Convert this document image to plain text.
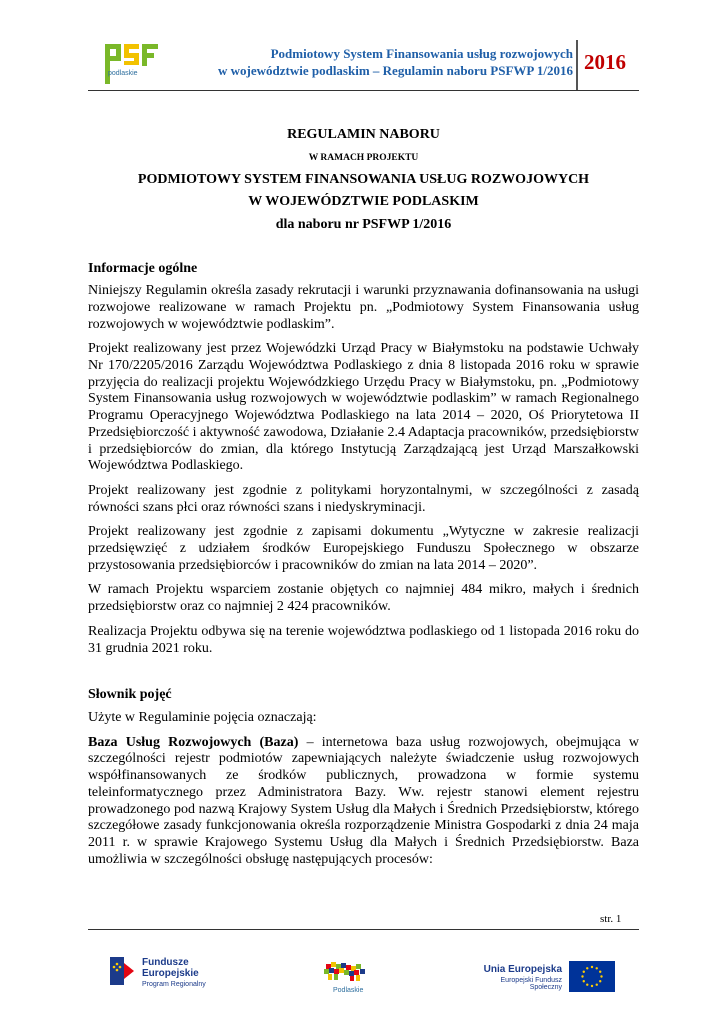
podlaskie
Podmiotowy System Finansowania usług rozwojowych
w województwie podlaskim – Regulamin naboru PSFWP 1/2016 2016
REGULAMIN NABORU
W RAMACH PROJEKTU
PODMIOTOWY SYSTEM FINANSOWANIA USŁUG ROZWOJOWYCH
W WOJEWÓDZTWIE PODLASKIM
dla naboru nr PSFWP 1/2016
Informacje ogólne

Niniejszy Regulamin określa zasady rekrutacji i warunki przyznawania dofinansowania na usługi rozwojowe realizowane w ramach Projektu pn. „Podmiotowy System Finansowania usług rozwojowych w województwie podlaskim”.

Projekt realizowany jest przez Wojewódzki Urząd Pracy w Białymstoku na podstawie Uchwały Nr 170/2205/2016 Zarządu Województwa Podlaskiego z dnia 8 listopada 2016 roku w sprawie przyjęcia do realizacji projektu Wojewódzkiego Urzędu Pracy w Białymstoku, pn. „Podmiotowy System Finansowania usług rozwojowych w województwie podlaskim” w ramach Regionalnego Programu Operacyjnego Województwa Podlaskiego na lata 2014 – 2020, Oś Priorytetowa II Przedsiębiorczość i aktywność zawodowa, Działanie 2.4 Adaptacja pracowników, przedsiębiorstw i przedsiębiorców do zmian, dla którego Instytucją Zarządzającą jest Urząd Marszałkowski Województwa Podlaskiego.

Projekt realizowany jest zgodnie z politykami horyzontalnymi, w szczególności z zasadą równości szans płci oraz równości szans i niedyskryminacji.

Projekt realizowany jest zgodnie z zapisami dokumentu „Wytyczne w zakresie realizacji przedsięwzięć z udziałem środków Europejskiego Funduszu Społecznego w obszarze przystosowania przedsiębiorców i pracowników do zmian na lata 2014 – 2020”.

W ramach Projektu wsparciem zostanie objętych co najmniej 484 mikro, małych i średnich przedsiębiorstw oraz co najmniej 2 424 pracowników.

Realizacja Projektu odbywa się na terenie województwa podlaskiego od 1 listopada 2016 roku do 31 grudnia 2021 roku.

Słownik pojęć

Użyte w Regulaminie pojęcia oznaczają:

Baza Usług Rozwojowych (Baza) – internetowa baza usług rozwojowych, obejmująca w szczególności rejestr podmiotów zapewniających należyte świadczenie usług rozwojowych współfinansowanych ze środków publicznych, prowadzona w formie systemu teleinformatycznego przez Administratora Bazy. Ww. rejestr stanowi element rejestru prowadzonego pod nazwą Krajowy System Usług dla Małych i Średnich Przedsiębiorstw, którego szczegółowe zasady funkcjonowania określa rozporządzenie Ministra Gospodarki z dnia 24 maja 2011 r. w sprawie Krajowego Systemu Usług dla Małych i Średnich Przedsiębiorstw. Baza umożliwia w szczególności obsługę następujących procesów:

str. 1
Fundusze
Europejskie
Program Regionalny
Podlaskie
Unia Europejska
Europejski Fundusz Społeczny
